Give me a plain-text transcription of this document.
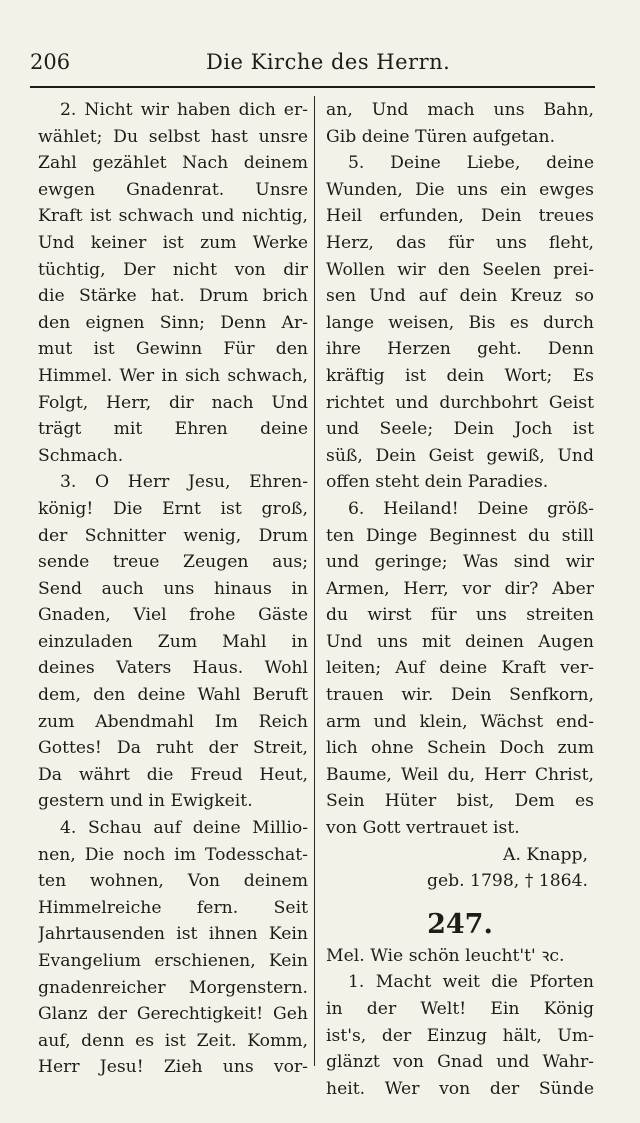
206	Die Kirche des Herrn.
2. Nicht wir haben dich er-
wählet; Du selbst hast unsre
Zahl gezählet Nach deinem
ewgen Gnadenrat. Unsre
Kraft ist schwach und nichtig,
Und keiner ist zum Werke
tüchtig, Der nicht von dir
die Stärke hat. Drum brich
den eignen Sinn; Denn Ar-
mut ist Gewinn Für den
Himmel. Wer in sich schwach,
Folgt, Herr, dir nach Und
trägt mit Ehren deine
Schmach.
3. O Herr Jesu, Ehren-
könig! Die Ernt ist groß,
der Schnitter wenig, Drum
sende treue Zeugen aus;
Send auch uns hinaus in
Gnaden, Viel frohe Gäste
einzuladen Zum Mahl in
deines Vaters Haus. Wohl
dem, den deine Wahl Beruft
zum Abendmahl Im Reich
Gottes! Da ruht der Streit,
Da währt die Freud Heut,
gestern und in Ewigkeit.
4. Schau auf deine Millio-
nen, Die noch im Todesschat-
ten wohnen, Von deinem
Himmelreiche fern. Seit
Jahrtausenden ist ihnen Kein
Evangelium erschienen, Kein
gnadenreicher Morgenstern.
Glanz der Gerechtigkeit! Geh
auf, denn es ist Zeit. Komm,
Herr Jesu! Zieh uns vor-
an, Und mach uns Bahn,
Gib deine Türen aufgetan.
5. Deine Liebe, deine
Wunden, Die uns ein ewges
Heil erfunden, Dein treues
Herz, das für uns fleht,
Wollen wir den Seelen prei-
sen Und auf dein Kreuz so
lange weisen, Bis es durch
ihre Herzen geht. Denn
kräftig ist dein Wort; Es
richtet und durchbohrt Geist
und Seele; Dein Joch ist
süß, Dein Geist gewiß, Und
offen steht dein Paradies.
6. Heiland! Deine größ-
ten Dinge Beginnest du still
und geringe; Was sind wir
Armen, Herr, vor dir? Aber
du wirst für uns streiten
Und uns mit deinen Augen
leiten; Auf deine Kraft ver-
trauen wir. Dein Senfkorn,
arm und klein, Wächst end-
lich ohne Schein Doch zum
Baume, Weil du, Herr Christ,
Sein Hüter bist, Dem es
von Gott vertrauet ist.
A. Knapp,
geb. 1798, † 1864.
247.
Mel. Wie schön leucht't' ꝛc.
1. Macht weit die Pforten
in der Welt! Ein König
ist's, der Einzug hält, Um-
glänzt von Gnad und Wahr-
heit. Wer von der Sünde
